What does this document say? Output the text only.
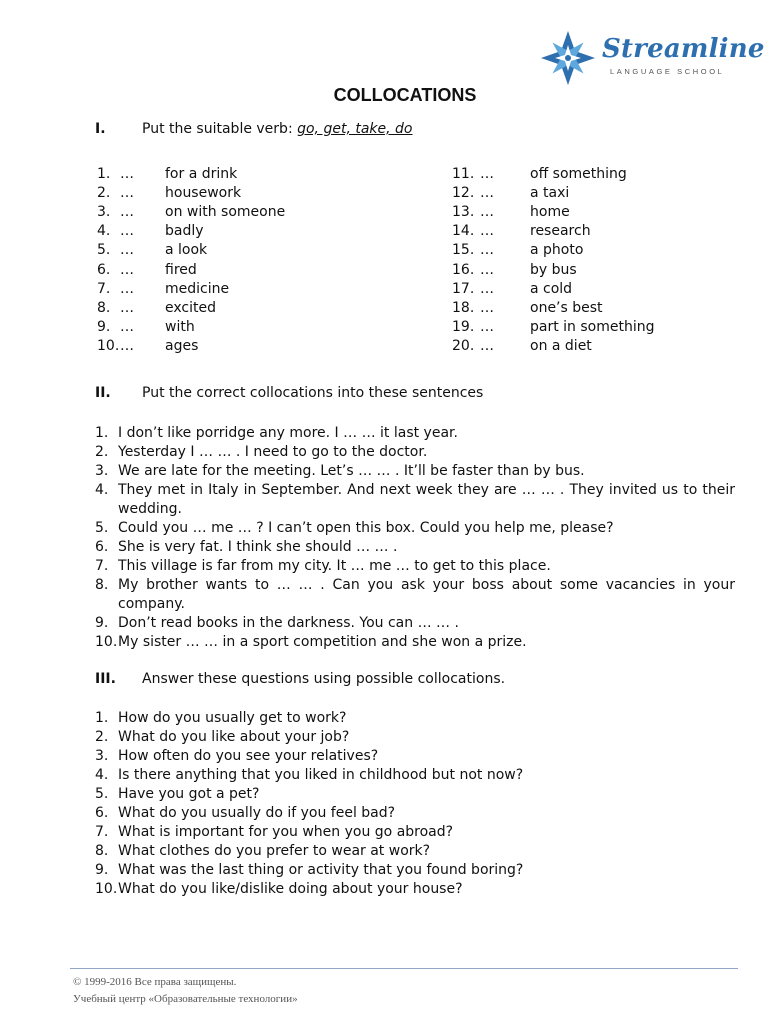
Streamline
LANGUAGE SCHOOL
COLLOCATIONS
I.	Put the suitable verb: go, get, take, do
1. … for a drink
2. … housework
3. … on with someone
4. … badly
5. … a look
6. … fired
7. … medicine
8. … excited
9. … with
10. … ages
11. …	off something
12. …	a taxi
13. …	home
14. …	research
15. …	a photo
16. …	by bus
17. …	a cold
18. …	one’s best
19. …	part in something
20. …	on a diet
II. Put the correct collocations into these sentences
1. I don’t like porridge any more. I … … it last year.
2. Yesterday I … … . I need to go to the doctor.
3. We are late for the meeting. Let’s … … . It’ll be faster than by bus.
4. They met in Italy in September. And next week they are … … . They invited us to their wedding.
5. Could you … me … ? I can’t open this box. Could you help me, please?
6. She is very fat. I think she should … … .
7. This village is far from my city. It … me … to get to this place.
8. My brother wants to … … . Can you ask your boss about some vacancies in your company.
9. Don’t read books in the darkness. You can … … .
10. My sister … … in a sport competition and she won a prize.
III. Answer these questions using possible collocations.
1. How do you usually get to work?
2. What do you like about your job?
3. How often do you see your relatives?
4. Is there anything that you liked in childhood but not now?
5. Have you got a pet?
6. What do you usually do if you feel bad?
7. What is important for you when you go abroad?
8. What clothes do you prefer to wear at work?
9. What was the last thing or activity that you found boring?
10. What do you like/dislike doing about your house?
© 1999-2016 Все права защищены.
Учебный центр «Образовательные технологии»
